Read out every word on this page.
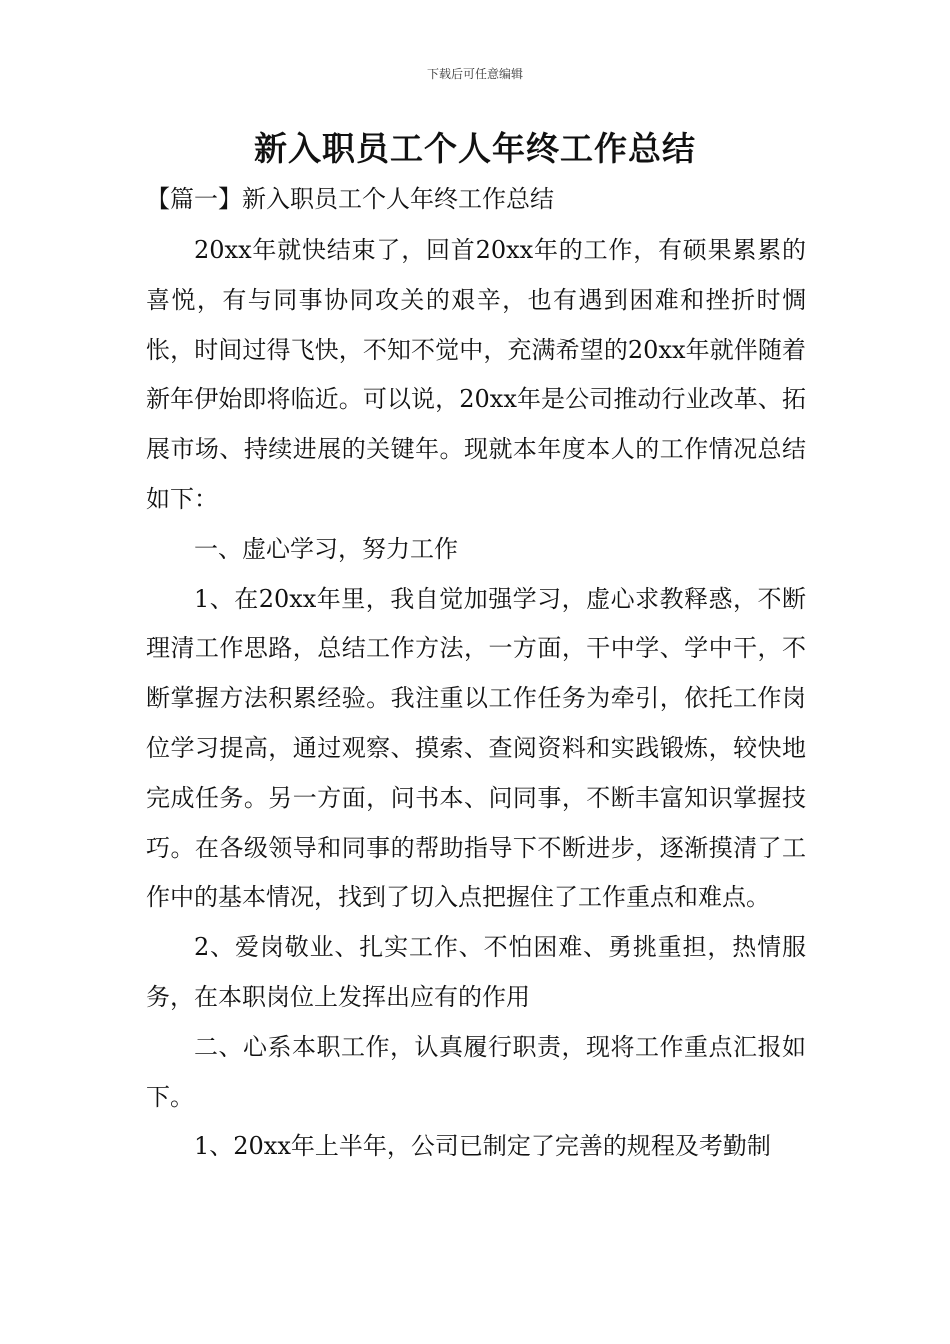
下载后可任意编辑
新入职员工个人年终工作总结
【篇一】新入职员工个人年终工作总结

20xx年就快结束了，回首20xx年的工作，有硕果累累的喜悦，有与同事协同攻关的艰辛，也有遇到困难和挫折时惆怅，时间过得飞快，不知不觉中，充满希望的20xx年就伴随着新年伊始即将临近。可以说，20xx年是公司推动行业改革、拓展市场、持续进展的关键年。现就本年度本人的工作情况总结如下：

一、虚心学习，努力工作

1、在20xx年里，我自觉加强学习，虚心求教释惑，不断理清工作思路，总结工作方法，一方面，干中学、学中干，不断掌握方法积累经验。我注重以工作任务为牵引，依托工作岗位学习提高，通过观察、摸索、查阅资料和实践锻炼，较快地完成任务。另一方面，问书本、问同事，不断丰富知识掌握技巧。在各级领导和同事的帮助指导下不断进步，逐渐摸清了工作中的基本情况，找到了切入点把握住了工作重点和难点。

2、爱岗敬业、扎实工作、不怕困难、勇挑重担，热情服务，在本职岗位上发挥出应有的作用

二、心系本职工作，认真履行职责，现将工作重点汇报如下。

1、20xx年上半年，公司已制定了完善的规程及考勤制
